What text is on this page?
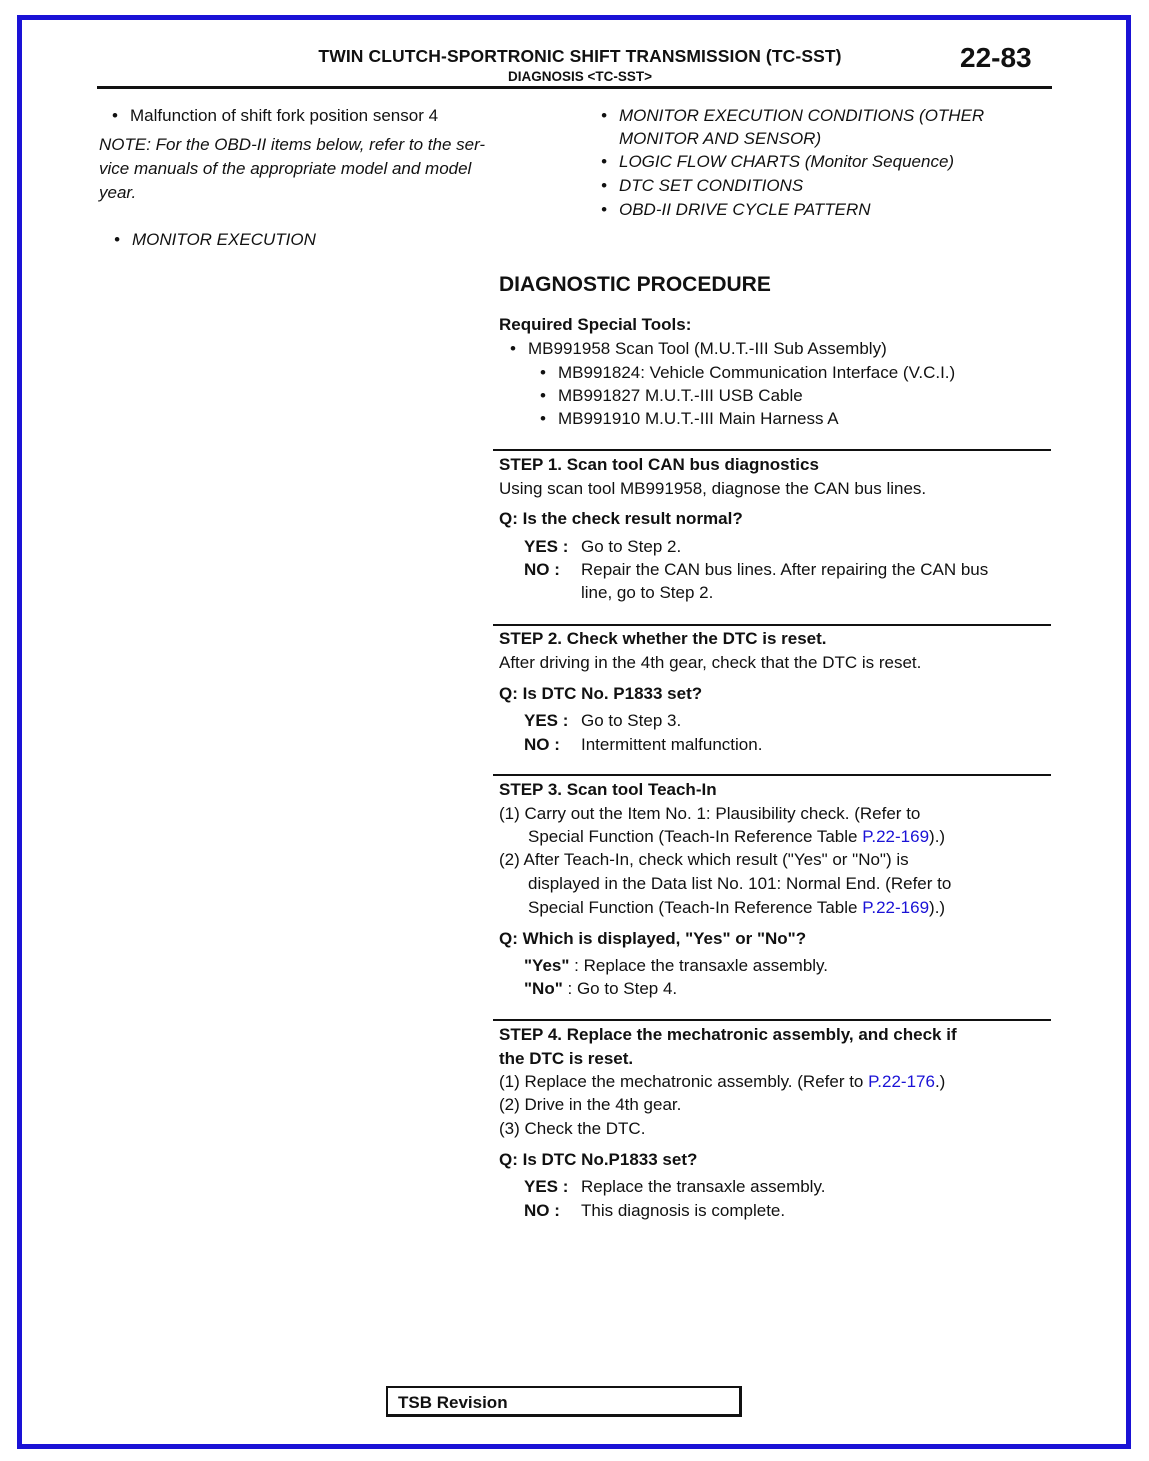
TWIN CLUTCH-SPORTRONIC SHIFT TRANSMISSION (TC-SST)
DIAGNOSIS <TC-SST>
22-83
• Malfunction of shift fork position sensor 4
NOTE: For the OBD-II items below, refer to the ser-
vice manuals of the appropriate model and model
year.
• MONITOR EXECUTION
• MONITOR EXECUTION CONDITIONS (OTHER
MONITOR AND SENSOR)
• LOGIC FLOW CHARTS (Monitor Sequence)
• DTC SET CONDITIONS
• OBD-II DRIVE CYCLE PATTERN
DIAGNOSTIC PROCEDURE
Required Special Tools:
• MB991958 Scan Tool (M.U.T.-III Sub Assembly)
• MB991824: Vehicle Communication Interface (V.C.I.)
• MB991827 M.U.T.-III USB Cable
• MB991910 M.U.T.-III Main Harness A
STEP 1. Scan tool CAN bus diagnostics
Using scan tool MB991958, diagnose the CAN bus lines.
Q: Is the check result normal?
YES : Go to Step 2.
NO : Repair the CAN bus lines. After repairing the CAN bus
line, go to Step 2.
STEP 2. Check whether the DTC is reset.
After driving in the 4th gear, check that the DTC is reset.
Q: Is DTC No. P1833 set?
YES : Go to Step 3.
NO : Intermittent malfunction.
STEP 3. Scan tool Teach-In
(1) Carry out the Item No. 1: Plausibility check. (Refer to
Special Function (Teach-In Reference Table P.22-169).)
(2) After Teach-In, check which result ("Yes" or "No") is
displayed in the Data list No. 101: Normal End. (Refer to
Special Function (Teach-In Reference Table P.22-169).)
Q: Which is displayed, "Yes" or "No"?
"Yes" : Replace the transaxle assembly.
"No" : Go to Step 4.
STEP 4. Replace the mechatronic assembly, and check if
the DTC is reset.
(1) Replace the mechatronic assembly. (Refer to P.22-176.)
(2) Drive in the 4th gear.
(3) Check the DTC.
Q: Is DTC No.P1833 set?
YES : Replace the transaxle assembly.
NO : This diagnosis is complete.
TSB Revision
